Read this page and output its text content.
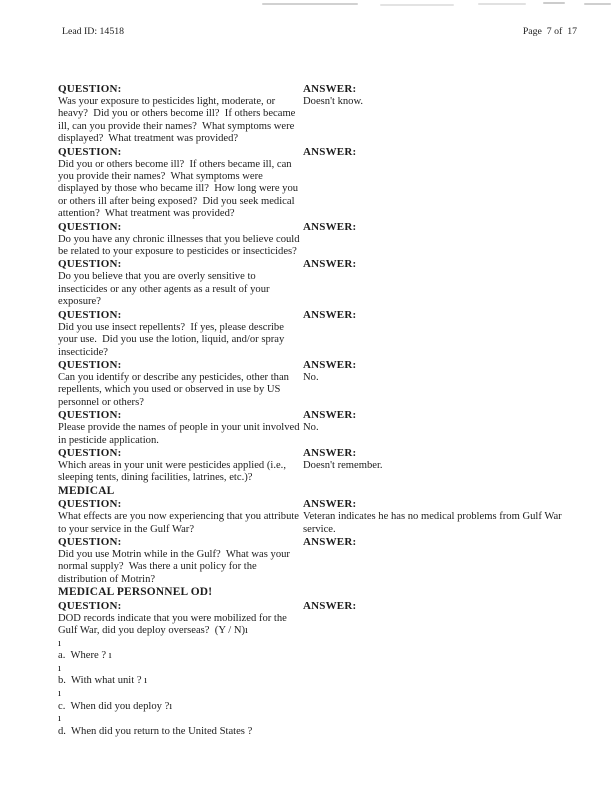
Lead ID: 14518	Page  7 of  17
QUESTION:
Was your exposure to pesticides light, moderate, or heavy?  Did you or others become ill?  If others became ill, can you provide their names?  What symptoms were displayed?  What treatment was provided?
ANSWER:
Doesn't know.
QUESTION:
Did you or others become ill?  If others became ill, can you provide their names?  What symptoms were displayed by those who became ill?  How long were you or others ill after being exposed?  Did you seek medical attention?  What treatment was provided?
ANSWER:
QUESTION:
Do you have any chronic illnesses that you believe could be related to your exposure to pesticides or insecticides?
ANSWER:
QUESTION:
Do you believe that you are overly sensitive to insecticides or any other agents as a result of your exposure?
ANSWER:
QUESTION:
Did you use insect repellents?  If yes, please describe your use.  Did you use the lotion, liquid, and/or spray insecticide?
ANSWER:
QUESTION:
Can you identify or describe any pesticides, other than repellents, which you used or observed in use by US personnel or others?
ANSWER:
No.
QUESTION:
Please provide the names of people in your unit involved in pesticide application.
ANSWER:
No.
QUESTION:
Which areas in your unit were pesticides applied (i.e., sleeping tents, dining facilities, latrines, etc.)?
ANSWER:
Doesn't remember.
MEDICAL
QUESTION:
What effects are you now experiencing that you attribute to your service in the Gulf War?
ANSWER:
Veteran indicates he has no medical problems from Gulf War service.
QUESTION:
Did you use Motrin while in the Gulf?  What was your normal supply?  Was there a unit policy for the distribution of Motrin?
ANSWER:
MEDICAL PERSONNEL OD!
QUESTION:
DOD records indicate that you were mobilized for the Gulf War, did you deploy overseas?  (Y / N)ı
ı
a.  Where ? ı
ı
b.  With what unit ? ı
ı
c.  When did you deploy ?ı
ı
d.  When did you return to the United States ?
ANSWER:
